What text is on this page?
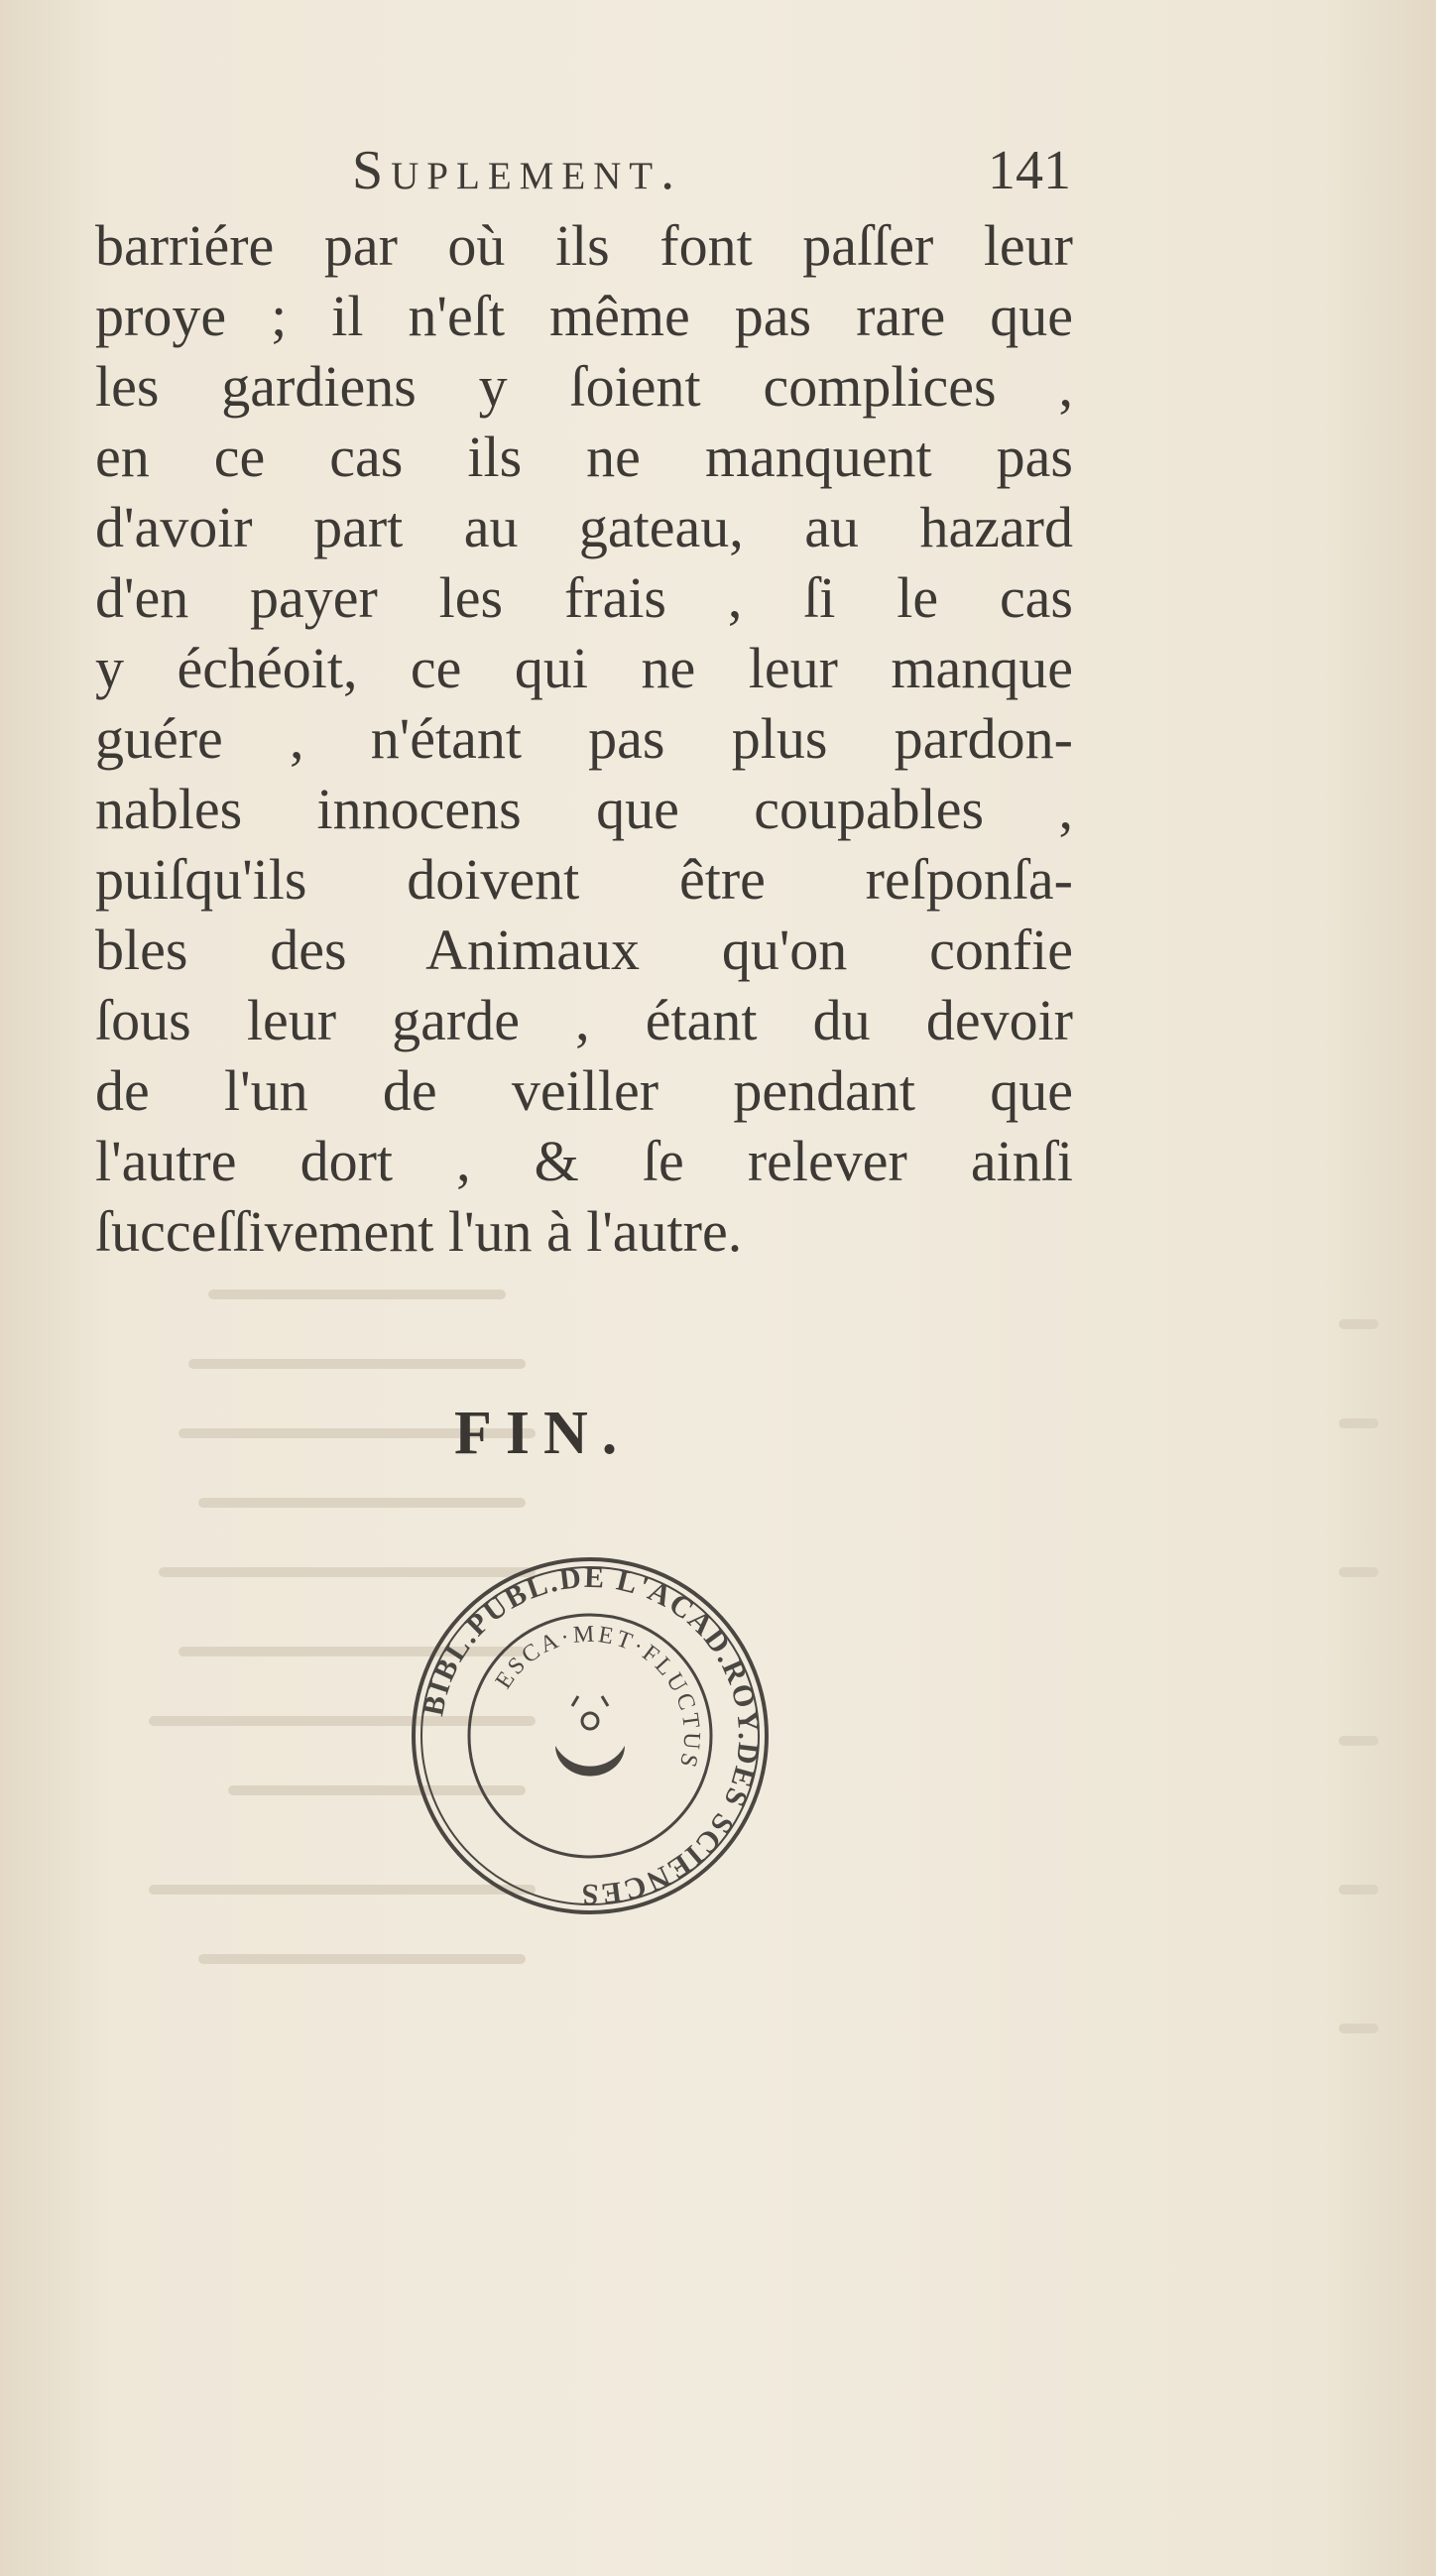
Suplement.	141
barriére par où ils font paſſer leur
proye ; il n'eſt même pas rare que
les gardiens y ſoient complices ,
en ce cas ils ne manquent pas
d'avoir part au gateau, au hazard
d'en payer les frais , ſi le cas
y échéoit, ce qui ne leur manque
guére , n'étant pas plus pardon-
nables innocens que coupables ,
puiſqu'ils doivent être reſponſa-
bles des Animaux qu'on confie
ſous leur garde , étant du devoir
de l'un de veiller pendant que
l'autre dort , & ſe relever ainſi
ſucceſſivement l'un à l'autre.
FIN.
BIBL.PUBL.DE L'ACAD.ROY.DES SCIENCES
ESCA·MET·FLUCTUS
